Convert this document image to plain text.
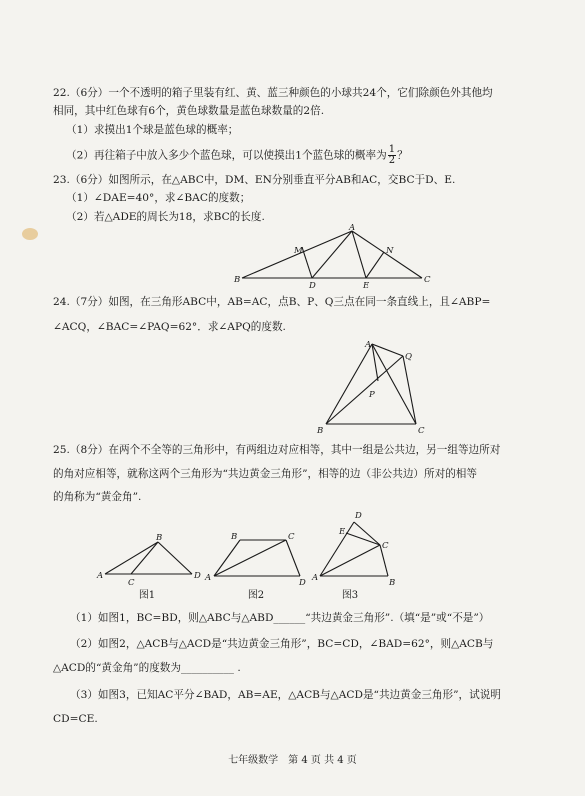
22.（6分）一个不透明的箱子里装有红、黄、蓝三种颜色的小球共24个，它们除颜色外其他均
相同，其中红色球有6个，黄色球数量是蓝色球数量的2倍.
（1）求摸出1个球是蓝色球的概率；
（2）再往箱子中放入多少个蓝色球，可以使摸出1个蓝色球的概率为 $\frac{1}{2}$ ？
23.（6分）如图所示，在△ABC中，DM、EN分别垂直平分AB和AC，交BC于D、E.
（1）∠DAE=40°，求∠BAC的度数；
（2）若△ADE的周长为18，求BC的长度.
A
B	C
D	E
M	N
24.（7分）如图，在三角形ABC中，AB=AC，点B、P、Q三点在同一条直线上，且∠ABP=
∠ACQ，∠BAC=∠PAQ=62°．求∠APQ的度数.
A
B	C
P
Q
25.（8分）在两个不全等的三角形中，有两组边对应相等，其中一组是公共边，另一组等边所对
的角对应相等，就称这两个三角形为“共边黄金三角形”，相等的边（非公共边）所对的相等
的角称为“黄金角”.
A
B
C
D
图1
A
B	C
D
图2
A	B
C
D
E
图3
（1）如图1，BC=BD，则△ABC与△ABD______“共边黄金三角形”.（填“是”或“不是”）
（2）如图2，△ACB与△ACD是“共边黄金三角形”，BC=CD，∠BAD=62°，则△ACB与
△ACD的“黄金角”的度数为__________ .
（3）如图3，已知AC平分∠BAD，AB=AE，△ACB与△ACD是“共边黄金三角形”，试说明
CD=CE.
七年级数学　第 4 页 共 4 页
